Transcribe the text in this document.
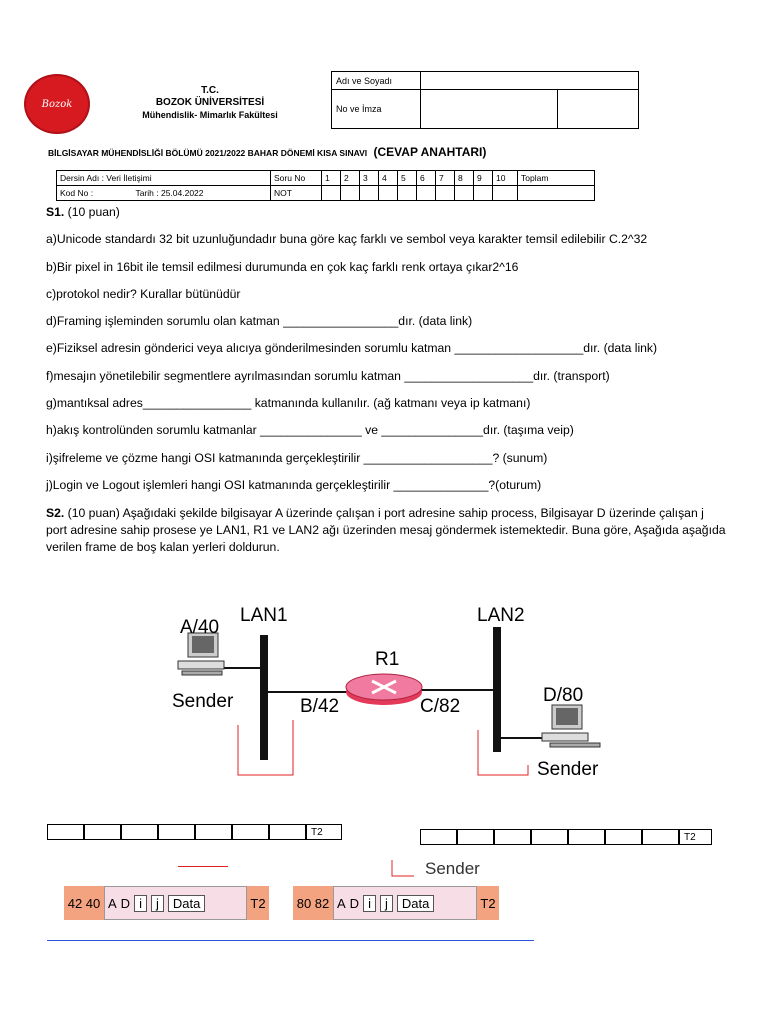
Bozok
T.C.
BOZOK ÜNİVERSİTESİ
Mühendislik- Mimarlık Fakültesi
Adı ve Soyadı		
No ve İmza		
BİLGİSAYAR MÜHENDİSLİĞİ BÖLÜMÜ 2021/2022 BAHAR DÖNEMİ KISA SINAVI (CEVAP ANAHTARI)
Dersin Adı : Veri İletişimi	Soru No	1	2	3	4	5	6	7	8	9	10	Toplam
Kod No : Tarih : 25.04.2022	NOT											
S1. (10 puan)
a)Unicode standardı 32 bit uzunluğundadır buna göre kaç farklı ve sembol veya karakter temsil edilebilir C.2^32
b)Bir pixel in 16bit ile temsil edilmesi durumunda en çok kaç farklı renk ortaya çıkar2^16
c)protokol nedir? Kurallar bütünüdür
d)Framing işleminden sorumlu olan katman _________________dır. (data link)
e)Fiziksel adresin gönderici veya alıcıya gönderilmesinden sorumlu katman ___________________dır. (data link)
f)mesajın yönetilebilir segmentlere ayrılmasından sorumlu katman ___________________dır. (transport)
g)mantıksal adres________________ katmanında kullanılır. (ağ katmanı veya ip katmanı)
h)akış kontrolünden sorumlu katmanlar _______________ ve _______________dır. (taşıma veip)
i)şifreleme ve çözme hangi OSI katmanında gerçekleştirilir ___________________? (sunum)
j)Login ve Logout işlemleri hangi OSI katmanında gerçekleştirilir ______________?(oturum)
S2. (10 puan) Aşağıdaki şekilde bilgisayar A üzerinde çalışan i port adresine sahip process, Bilgisayar D üzerinde çalışan j port adresine sahip prosese ye LAN1, R1 ve LAN2 ağı üzerinden mesaj göndermek istemektedir. Buna göre, Aşağıda aşağıda verilen frame de boş kalan yerleri doldurun.
A/40
LAN1	LAN2
R1
Sender	B/42	C/82
D/80
Sender
T2	T2
Sender
42 40 A D i	j	Data	T2 80 82 A D i	j	Data	T2
